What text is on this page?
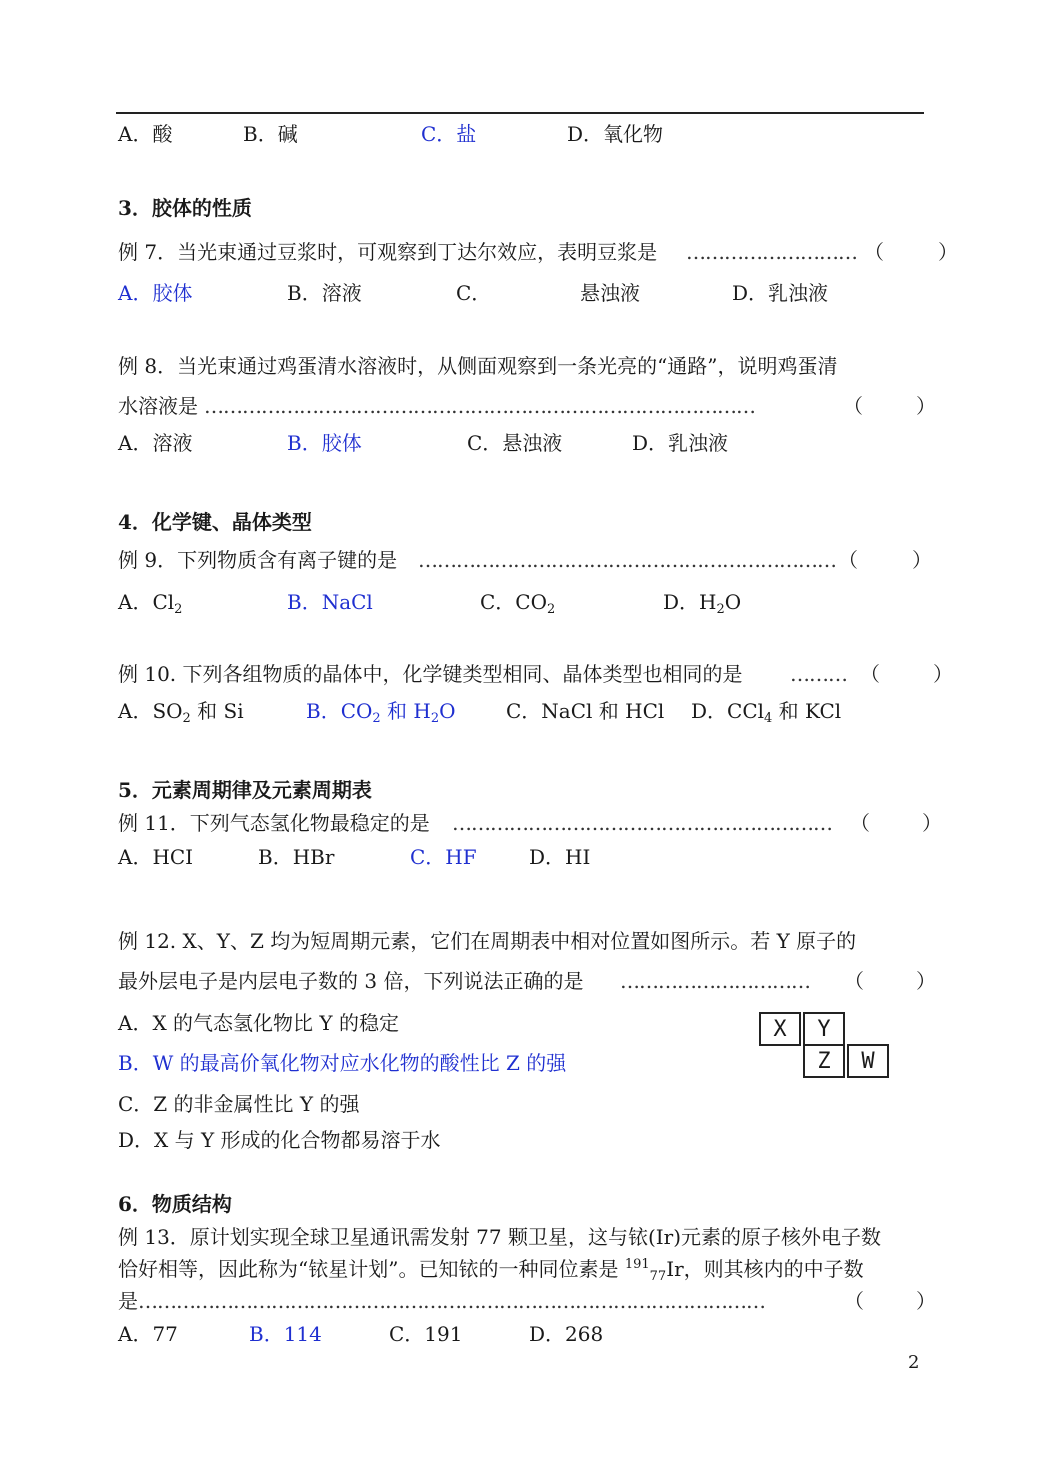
A．酸	B．碱	C．盐	D．氧化物
3．胶体的性质
例 7．当光束通过豆浆时，可观察到丁达尔效应，表明豆浆是 ……………………… （	）
A．胶体	B．溶液	C．	悬浊液	D．乳浊液
例 8．当光束通过鸡蛋清水溶液时，从侧面观察到一条光亮的“通路”，说明鸡蛋清
水溶液是 ……………………………………………………………………………	（	）
A．溶液	B．胶体	C．悬浊液	D．乳浊液
4．化学键、晶体类型
例 9．下列物质含有离子键的是 ………………………………………………………… （	）
A．$Cl_2$	B．NaCl	C．$CO_2$	D．$H_2O$
例 10. 下列各组物质的晶体中，化学键类型相同、晶体类型也相同的是 ……… （	）
A．$SO_2$ 和 Si	B．$CO_2$ 和 $H_2O$	C．NaCl 和 HCl D．CCl$_4$ 和 KCl
5．元素周期律及元素周期表
例 11．下列气态氢化物最稳定的是 …………………………………………………… （	）
A．HCI	B．HBr	C．HF	D．HI
例 12. X、Y、Z 均为短周期元素，它们在周期表中相对位置如图所示。若 Y 原子的
最外层电子是内层电子数的 3 倍，下列说法正确的是 ………………………… （	）
A．X 的气态氢化物比 Y 的稳定
B．W 的最高价氧化物对应水化物的酸性比 Z 的强
C．Z 的非金属性比 Y 的强
D．X 与 Y 形成的化合物都易溶于水
X	Y
Z	W
6．物质结构
例 13．原计划实现全球卫星通讯需发射 77 颗卫星，这与铱(Ir)元素的原子核外电子数
恰好相等，因此称为“铱星计划”。已知铱的一种同位素是 $^{191}_{77}$Ir，则其核内的中子数
是 ………………………………………………………………………………………	（	）
A．77	B．114	C．191	D．268
2
